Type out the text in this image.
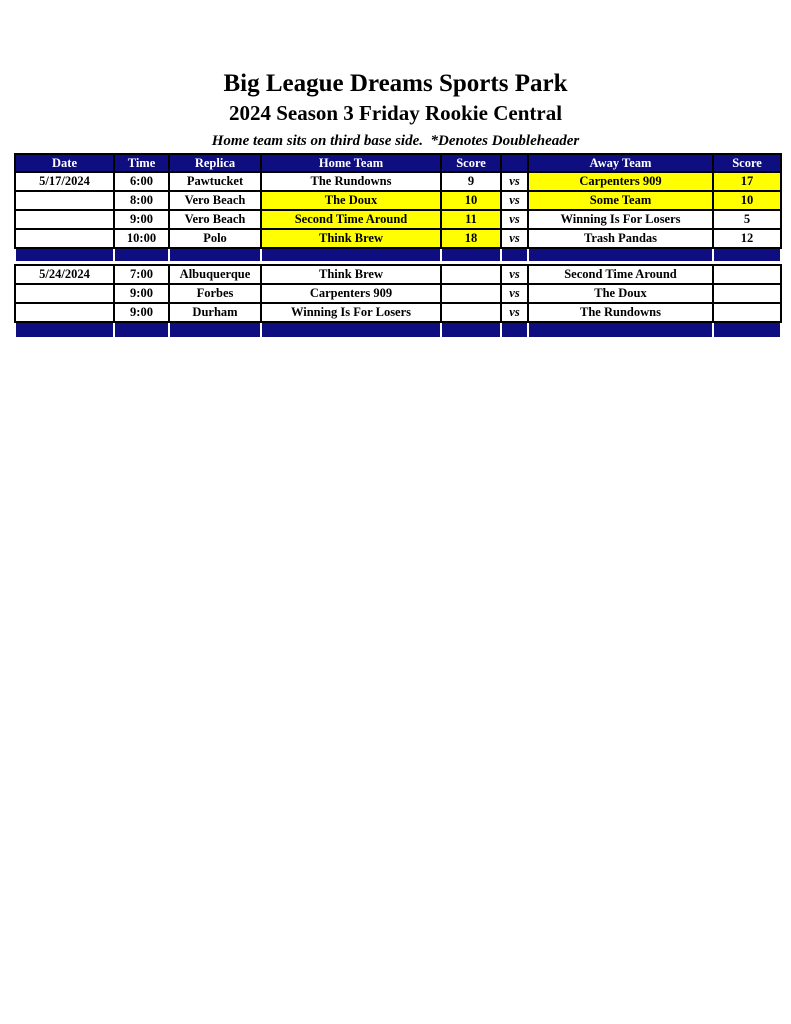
Big League Dreams Sports Park
2024 Season 3 Friday Rookie Central
Home team sits on third base side.  *Denotes Doubleheader
Date	Time	Replica	Home Team	Score		Away Team	Score
5/17/2024	6:00	Pawtucket	The Rundowns	9	vs	Carpenters 909	17
	8:00	Vero Beach	The Doux	10	vs	Some Team	10
	9:00	Vero Beach	Second Time Around	11	vs	Winning Is For Losers	5
	10:00	Polo	Think Brew	18	vs	Trash Pandas	12

5/24/2024	7:00	Albuquerque	Think Brew		vs	Second Time Around	
	9:00	Forbes	Carpenters 909		vs	The Doux	
	9:00	Durham	Winning Is For Losers		vs	The Rundowns	
